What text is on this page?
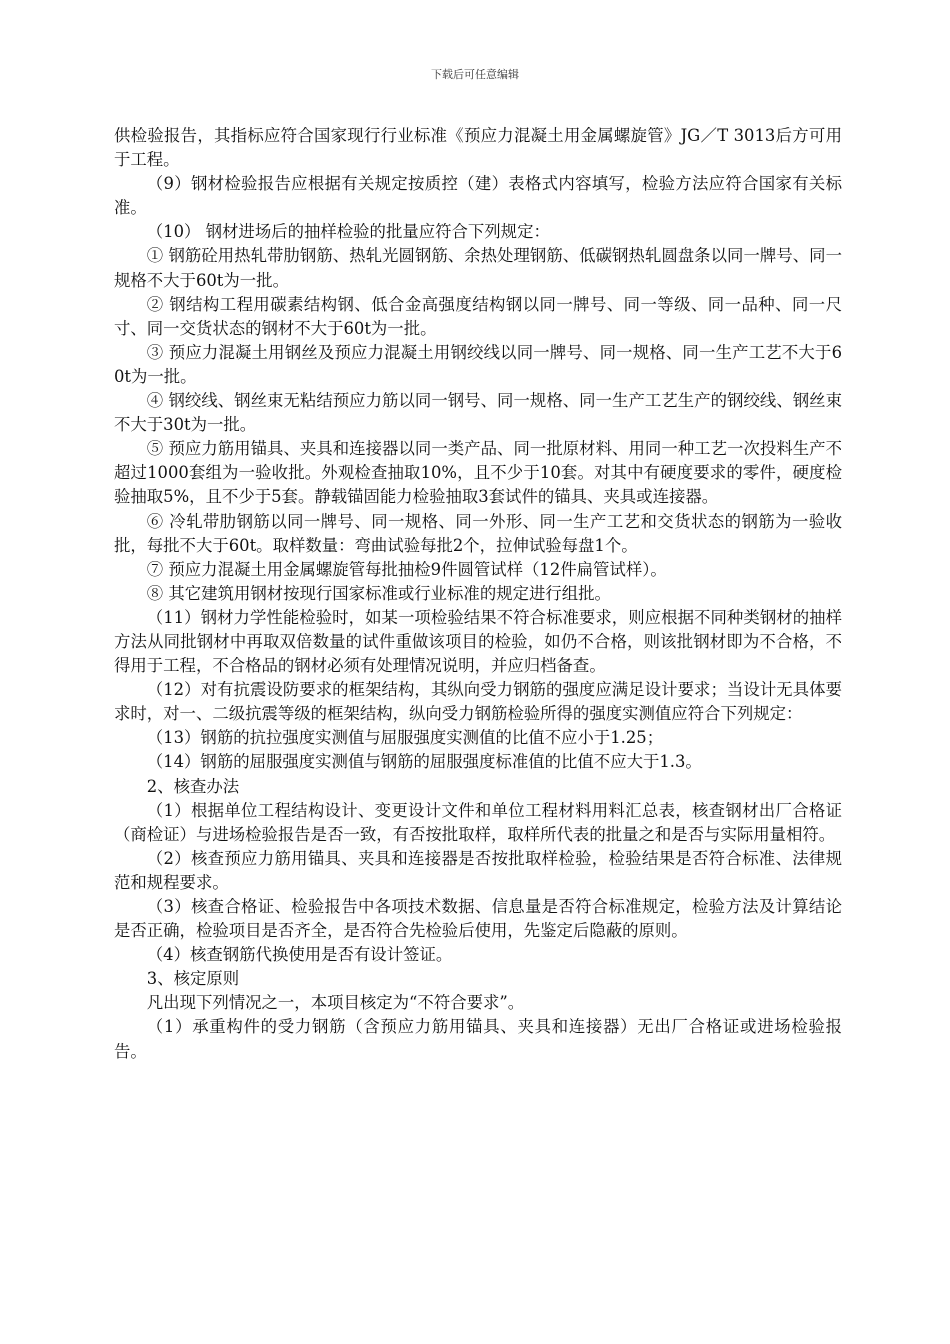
下载后可任意编辑

供检验报告，其指标应符合国家现行行业标准《预应力混凝土用金属螺旋管》JG／T 3013后方可用于工程。

（9）钢材检验报告应根据有关规定按质控（建）表格式内容填写，检验方法应符合国家有关标准。

（10） 钢材进场后的抽样检验的批量应符合下列规定：

① 钢筋砼用热轧带肋钢筋、热轧光圆钢筋、余热处理钢筋、低碳钢热轧圆盘条以同一牌号、同一规格不大于60t为一批。

② 钢结构工程用碳素结构钢、低合金高强度结构钢以同一牌号、同一等级、同一品种、同一尺寸、同一交货状态的钢材不大于60t为一批。

③ 预应力混凝土用钢丝及预应力混凝土用钢绞线以同一牌号、同一规格、同一生产工艺不大于60t为一批。

④ 钢绞线、钢丝束无粘结预应力筋以同一钢号、同一规格、同一生产工艺生产的钢绞线、钢丝束不大于30t为一批。

⑤ 预应力筋用锚具、夹具和连接器以同一类产品、同一批原材料、用同一种工艺一次投料生产不超过1000套组为一验收批。外观检查抽取10%，且不少于10套。对其中有硬度要求的零件，硬度检验抽取5%，且不少于5套。静载锚固能力检验抽取3套试件的锚具、夹具或连接器。

⑥ 冷轧带肋钢筋以同一牌号、同一规格、同一外形、同一生产工艺和交货状态的钢筋为一验收批，每批不大于60t。取样数量：弯曲试验每批2个，拉伸试验每盘1个。

⑦ 预应力混凝土用金属螺旋管每批抽检9件圆管试样（12件扁管试样）。

⑧ 其它建筑用钢材按现行国家标准或行业标准的规定进行组批。

（11）钢材力学性能检验时，如某一项检验结果不符合标准要求，则应根据不同种类钢材的抽样方法从同批钢材中再取双倍数量的试件重做该项目的检验，如仍不合格，则该批钢材即为不合格，不得用于工程，不合格品的钢材必须有处理情况说明，并应归档备查。

（12）对有抗震设防要求的框架结构，其纵向受力钢筋的强度应满足设计要求；当设计无具体要求时，对一、二级抗震等级的框架结构，纵向受力钢筋检验所得的强度实测值应符合下列规定：

（13）钢筋的抗拉强度实测值与屈服强度实测值的比值不应小于1.25；

（14）钢筋的屈服强度实测值与钢筋的屈服强度标准值的比值不应大于1.3。

2、核查办法

（1）根据单位工程结构设计、变更设计文件和单位工程材料用料汇总表，核查钢材出厂合格证（商检证）与进场检验报告是否一致，有否按批取样，取样所代表的批量之和是否与实际用量相符。

（2）核查预应力筋用锚具、夹具和连接器是否按批取样检验，检验结果是否符合标准、法律规范和规程要求。

（3）核查合格证、检验报告中各项技术数据、信息量是否符合标准规定，检验方法及计算结论是否正确，检验项目是否齐全，是否符合先检验后使用，先鉴定后隐蔽的原则。

（4）核查钢筋代换使用是否有设计签证。

3、核定原则

凡出现下列情况之一，本项目核定为“不符合要求”。

（1）承重构件的受力钢筋（含预应力筋用锚具、夹具和连接器）无出厂合格证或进场检验报告。
